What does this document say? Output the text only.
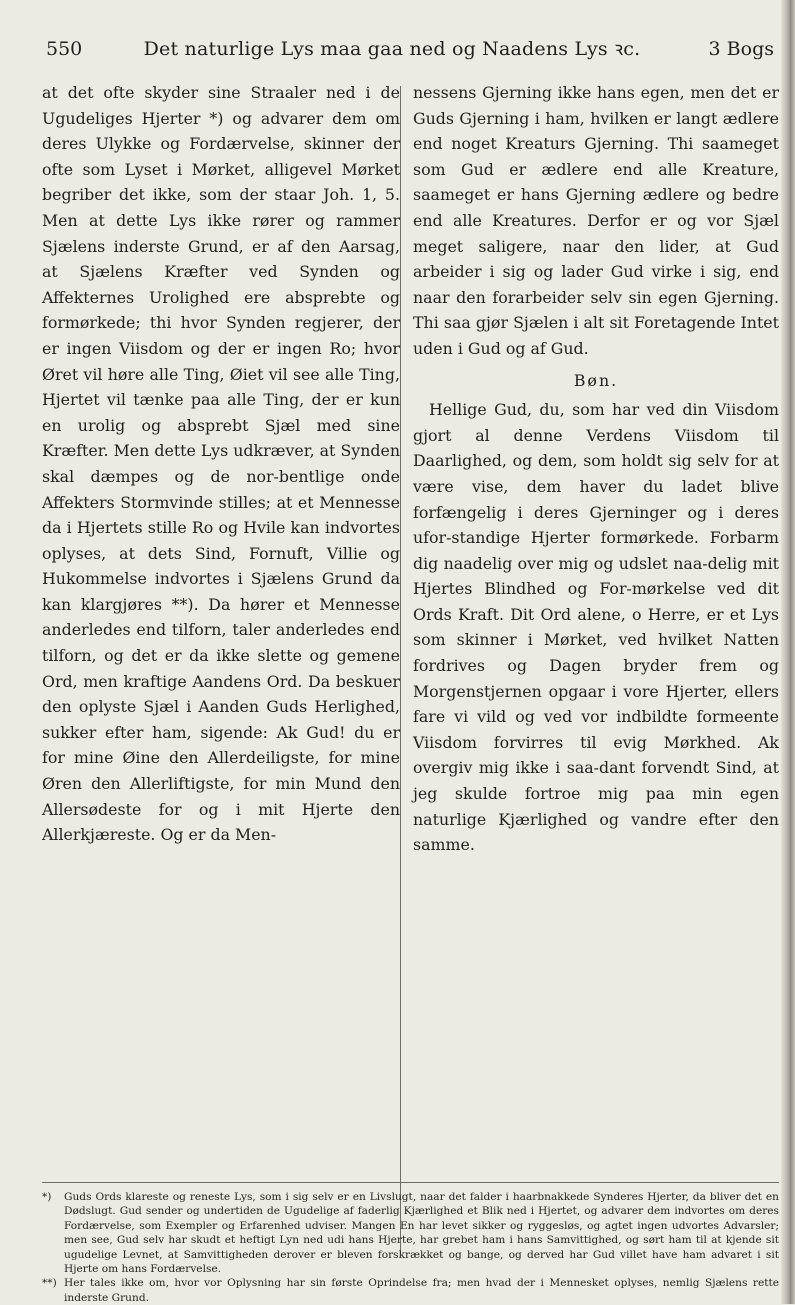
550	Det naturlige Lys maa gaa ned og Naadens Lys ꝛc.	3 Bogs

at det ofte skyder sine Straaler ned i de Ugudeliges Hjerter *) og advarer dem om deres Ulykke og Fordærvelse, skinner der ofte som Lyset i Mørket, alligevel Mørket begriber det ikke, som der staar Joh. 1, 5. Men at dette Lys ikke rører og rammer Sjælens inderste Grund, er af den Aarsag, at Sjælens Kræfter ved Synden og Affekternes Urolighed ere absprebte og formørkede; thi hvor Synden regjerer, der er ingen Viisdom og der er ingen Ro; hvor Øret vil høre alle Ting, Øiet vil see alle Ting, Hjertet vil tænke paa alle Ting, der er kun en urolig og absprebt Sjæl med sine Kræfter. Men dette Lys udkræver, at Synden skal dæmpes og de nor-bentlige onde Affekters Stormvinde stilles; at et Mennesse da i Hjertets stille Ro og Hvile kan indvortes oplyses, at dets Sind, Fornuft, Villie og Hukommelse indvortes i Sjælens Grund da kan klargjøres **). Da hører et Mennesse anderledes end tilforn, taler anderledes end tilforn, og det er da ikke slette og gemene Ord, men kraftige Aandens Ord. Da beskuer den oplyste Sjæl i Aanden Guds Herlighed, sukker efter ham, sigende: Ak Gud! du er for mine Øine den Allerdeiligste, for mine Øren den Allerliftigste, for min Mund den Allersødeste for og i mit Hjerte den Allerkjæreste. Og er da Men-

nessens Gjerning ikke hans egen, men det er Guds Gjerning i ham, hvilken er langt ædlere end noget Kreaturs Gjerning. Thi saameget som Gud er ædlere end alle Kreature, saameget er hans Gjerning ædlere og bedre end alle Kreatures. Derfor er og vor Sjæl meget saligere, naar den lider, at Gud arbeider i sig og lader Gud virke i sig, end naar den forarbeider selv sin egen Gjerning. Thi saa gjør Sjælen i alt sit Foretagende Intet uden i Gud og af Gud.

Bøn.

Hellige Gud, du, som har ved din Viisdom gjort al denne Verdens Viisdom til Daarlighed, og dem, som holdt sig selv for at være vise, dem haver du ladet blive forfængelig i deres Gjerninger og i deres ufor-standige Hjerter formørkede. Forbarm dig naadelig over mig og udslet naa-delig mit Hjertes Blindhed og For-mørkelse ved dit Ords Kraft. Dit Ord alene, o Herre, er et Lys som skinner i Mørket, ved hvilket Natten fordrives og Dagen bryder frem og Morgenstjernen opgaar i vore Hjerter, ellers fare vi vild og ved vor indbildte formeente Viisdom forvirres til evig Mørkhed. Ak overgiv mig ikke i saa-dant forvendt Sind, at jeg skulde fortroe mig paa min egen naturlige Kjærlighed og vandre efter den samme.

*) Guds Ords klareste og reneste Lys, som i sig selv er en Livslugt, naar det falder i haarbnakkede Synderes Hjerter, da bliver det en Dødslugt. Gud sender og undertiden de Ugudelige af faderlig Kjærlighed et Blik ned i Hjertet, og advarer dem indvortes om deres Fordærvelse, som Exempler og Erfarenhed udviser. Mangen En har levet sikker og ryggesløs, og agtet ingen udvortes Advarsler; men see, Gud selv har skudt et heftigt Lyn ned udi hans Hjerte, har grebet ham i hans Samvittighed, og sørt ham til at kjende sit ugudelige Levnet, at Samvittigheden derover er bleven forskrækket og bange, og derved har Gud villet have ham advaret i sit Hjerte om hans Fordærvelse.

**) Her tales ikke om, hvor vor Oplysning har sin første Oprindelse fra; men hvad der i Mennesket oplyses, nemlig Sjælens rette inderste Grund.
